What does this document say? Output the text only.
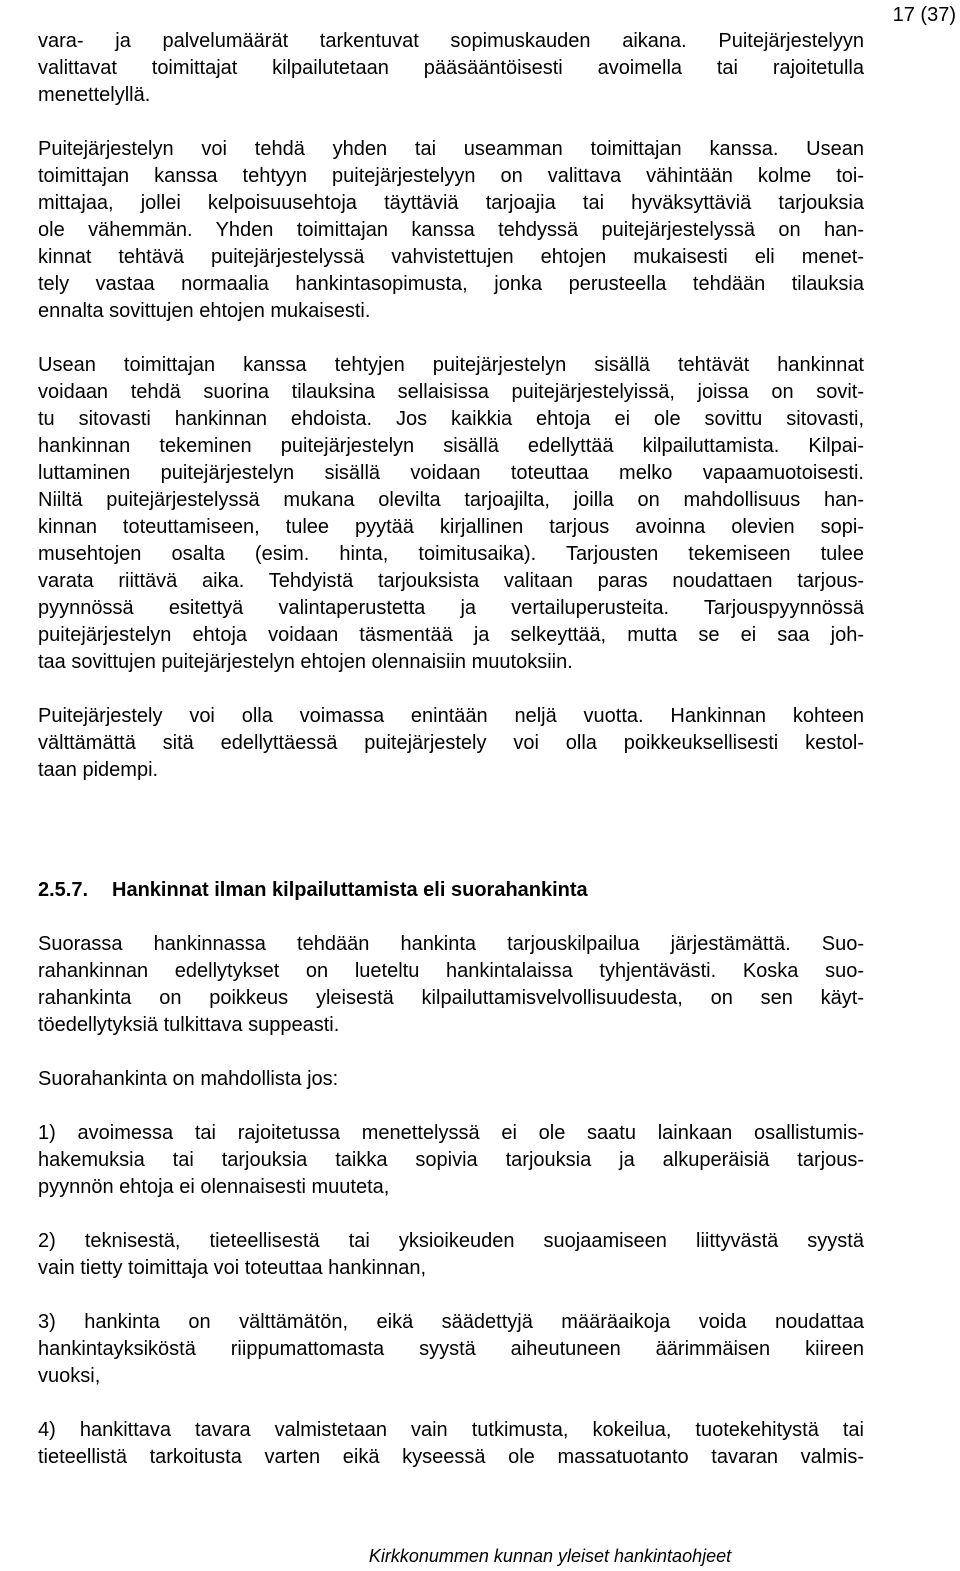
17 (37)
vara- ja palvelumäärät tarkentuvat sopimuskauden aikana. Puitejärjestelyyn
valittavat toimittajat kilpailutetaan pääsääntöisesti avoimella tai rajoitetulla
menettelyllä.
Puitejärjestelyn voi tehdä yhden tai useamman toimittajan kanssa. Usean
toimittajan kanssa tehtyyn puitejärjestelyyn on valittava vähintään kolme toi-
mittajaa, jollei kelpoisuusehtoja täyttäviä tarjoajia tai hyväksyttäviä tarjouksia
ole vähemmän. Yhden toimittajan kanssa tehdyssä puitejärjestelyssä on han-
kinnat tehtävä puitejärjestelyssä vahvistettujen ehtojen mukaisesti eli menet-
tely vastaa normaalia hankintasopimusta, jonka perusteella tehdään tilauksia
ennalta sovittujen ehtojen mukaisesti.
Usean toimittajan kanssa tehtyjen puitejärjestelyn sisällä tehtävät hankinnat
voidaan tehdä suorina tilauksina sellaisissa puitejärjestelyissä, joissa on sovit-
tu sitovasti hankinnan ehdoista. Jos kaikkia ehtoja ei ole sovittu sitovasti,
hankinnan tekeminen puitejärjestelyn sisällä edellyttää kilpailuttamista. Kilpai-
luttaminen puitejärjestelyn sisällä voidaan toteuttaa melko vapaamuotoisesti.
Niiltä puitejärjestelyssä mukana olevilta tarjoajilta, joilla on mahdollisuus han-
kinnan toteuttamiseen, tulee pyytää kirjallinen tarjous avoinna olevien sopi-
musehtojen osalta (esim. hinta, toimitusaika). Tarjousten tekemiseen tulee
varata riittävä aika. Tehdyistä tarjouksista valitaan paras noudattaen tarjous-
pyynnössä esitettyä valintaperustetta ja vertailuperusteita. Tarjouspyynnössä
puitejärjestelyn ehtoja voidaan täsmentää ja selkeyttää, mutta se ei saa joh-
taa sovittujen puitejärjestelyn ehtojen olennaisiin muutoksiin.
Puitejärjestely voi olla voimassa enintään neljä vuotta. Hankinnan kohteen
välttämättä sitä edellyttäessä puitejärjestely voi olla poikkeuksellisesti kestol-
taan pidempi.
2.5.7. Hankinnat ilman kilpailuttamista eli suorahankinta
Suorassa hankinnassa tehdään hankinta tarjouskilpailua järjestämättä. Suo-
rahankinnan edellytykset on lueteltu hankintalaissa tyhjentävästi. Koska suo-
rahankinta on poikkeus yleisestä kilpailuttamisvelvollisuudesta, on sen käyt-
töedellytyksiä tulkittava suppeasti.
Suorahankinta on mahdollista jos:
1) avoimessa tai rajoitetussa menettelyssä ei ole saatu lainkaan osallistumis-
hakemuksia tai tarjouksia taikka sopivia tarjouksia ja alkuperäisiä tarjous-
pyynnön ehtoja ei olennaisesti muuteta,
2) teknisestä, tieteellisestä tai yksioikeuden suojaamiseen liittyvästä syystä
vain tietty toimittaja voi toteuttaa hankinnan,
3) hankinta on välttämätön, eikä säädettyjä määräaikoja voida noudattaa
hankintayksiköstä riippumattomasta syystä aiheutuneen äärimmäisen kiireen
vuoksi,
4) hankittava tavara valmistetaan vain tutkimusta, kokeilua, tuotekehitystä tai
tieteellistä tarkoitusta varten eikä kyseessä ole massatuotanto tavaran valmis-
Kirkkonummen kunnan yleiset hankintaohjeet
